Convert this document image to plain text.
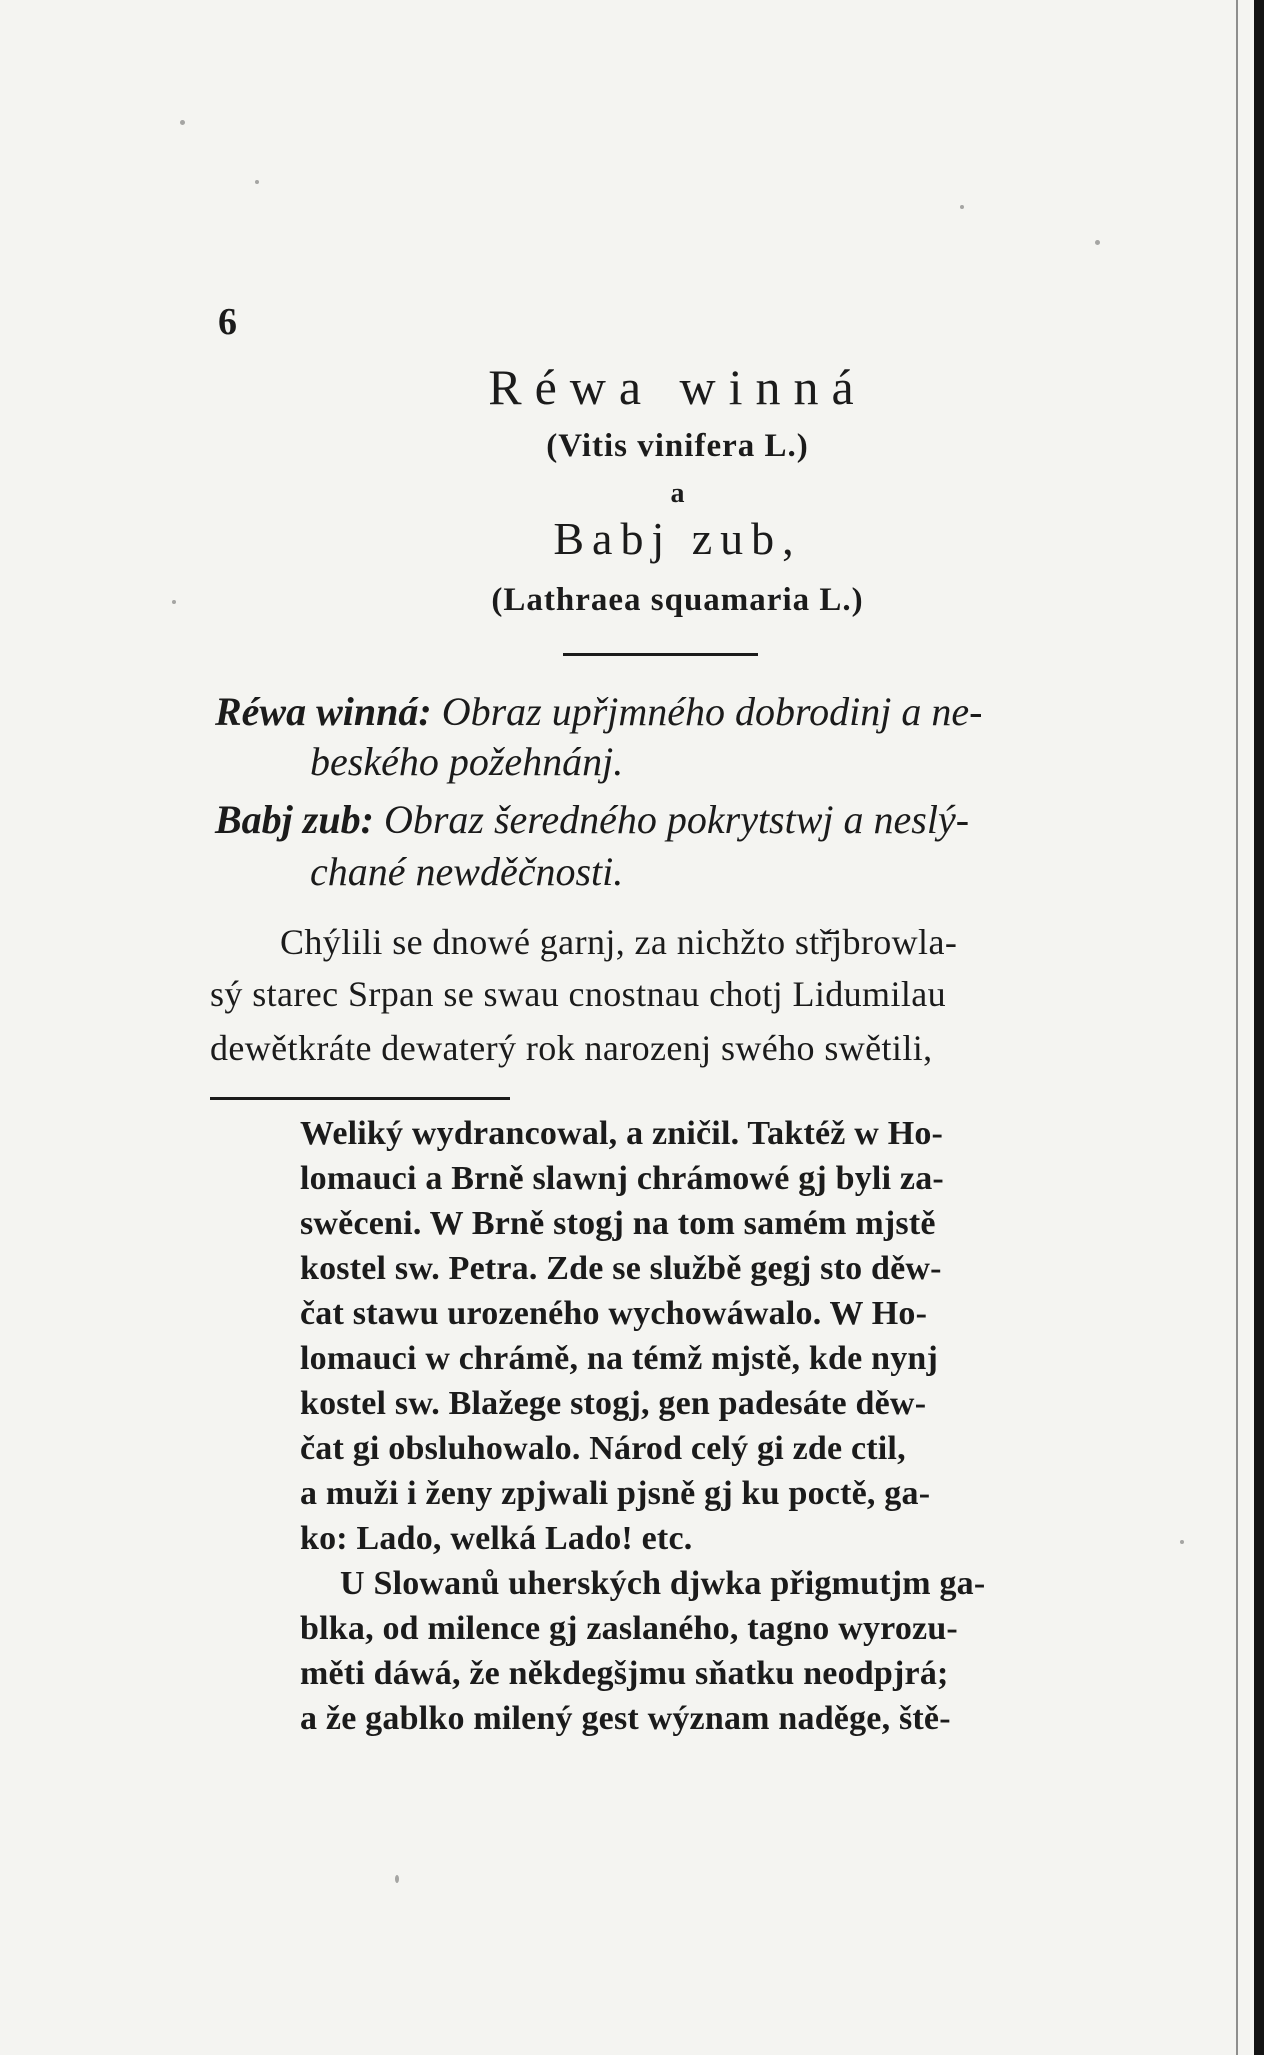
6
Réwa winná
(Vitis vinifera L.)
a
Babj zub,
(Lathraea squamaria L.)
Réwa winná: Obraz upřjmného dobrodinj a ne-
beského požehnánj.
Babj zub: Obraz šeredného pokrytstwj a neslý-
chané newděčnosti.
Chýlili se dnowé garnj, za nichžto stř̄jbrowla-
sý starec Srpan se swau cnostnau chotj Lidumilau
dewětkráte dewaterý rok narozenj swého swětili,
Weliký wydrancowal, a zničil. Taktéž w Ho-
lomauci a Brně slawnj chrámowé gj byli za-
swěceni. W Brně stogj na tom samém mjstě
kostel sw. Petra. Zde se službě gegj sto děw-
čat stawu urozeného wychowáwalo. W Ho-
lomauci w chrámě, na témž mjstě, kde nynj
kostel sw. Blažege stogj, gen padesáte děw-
čat gi obsluhowalo. Národ celý gi zde ctil,
a muži i ženy zpjwali pjsně gj ku poctě, ga-
ko: Lado, welká Lado! etc.
U Slowanů uherských djwka přigmutjm ga-
blka, od milence gj zaslaného, tagno wyrozu-
měti dáwá, že někdegšjmu sňatku neodpjrá;
a že gablko milený gest wýznam naděge, ště-
